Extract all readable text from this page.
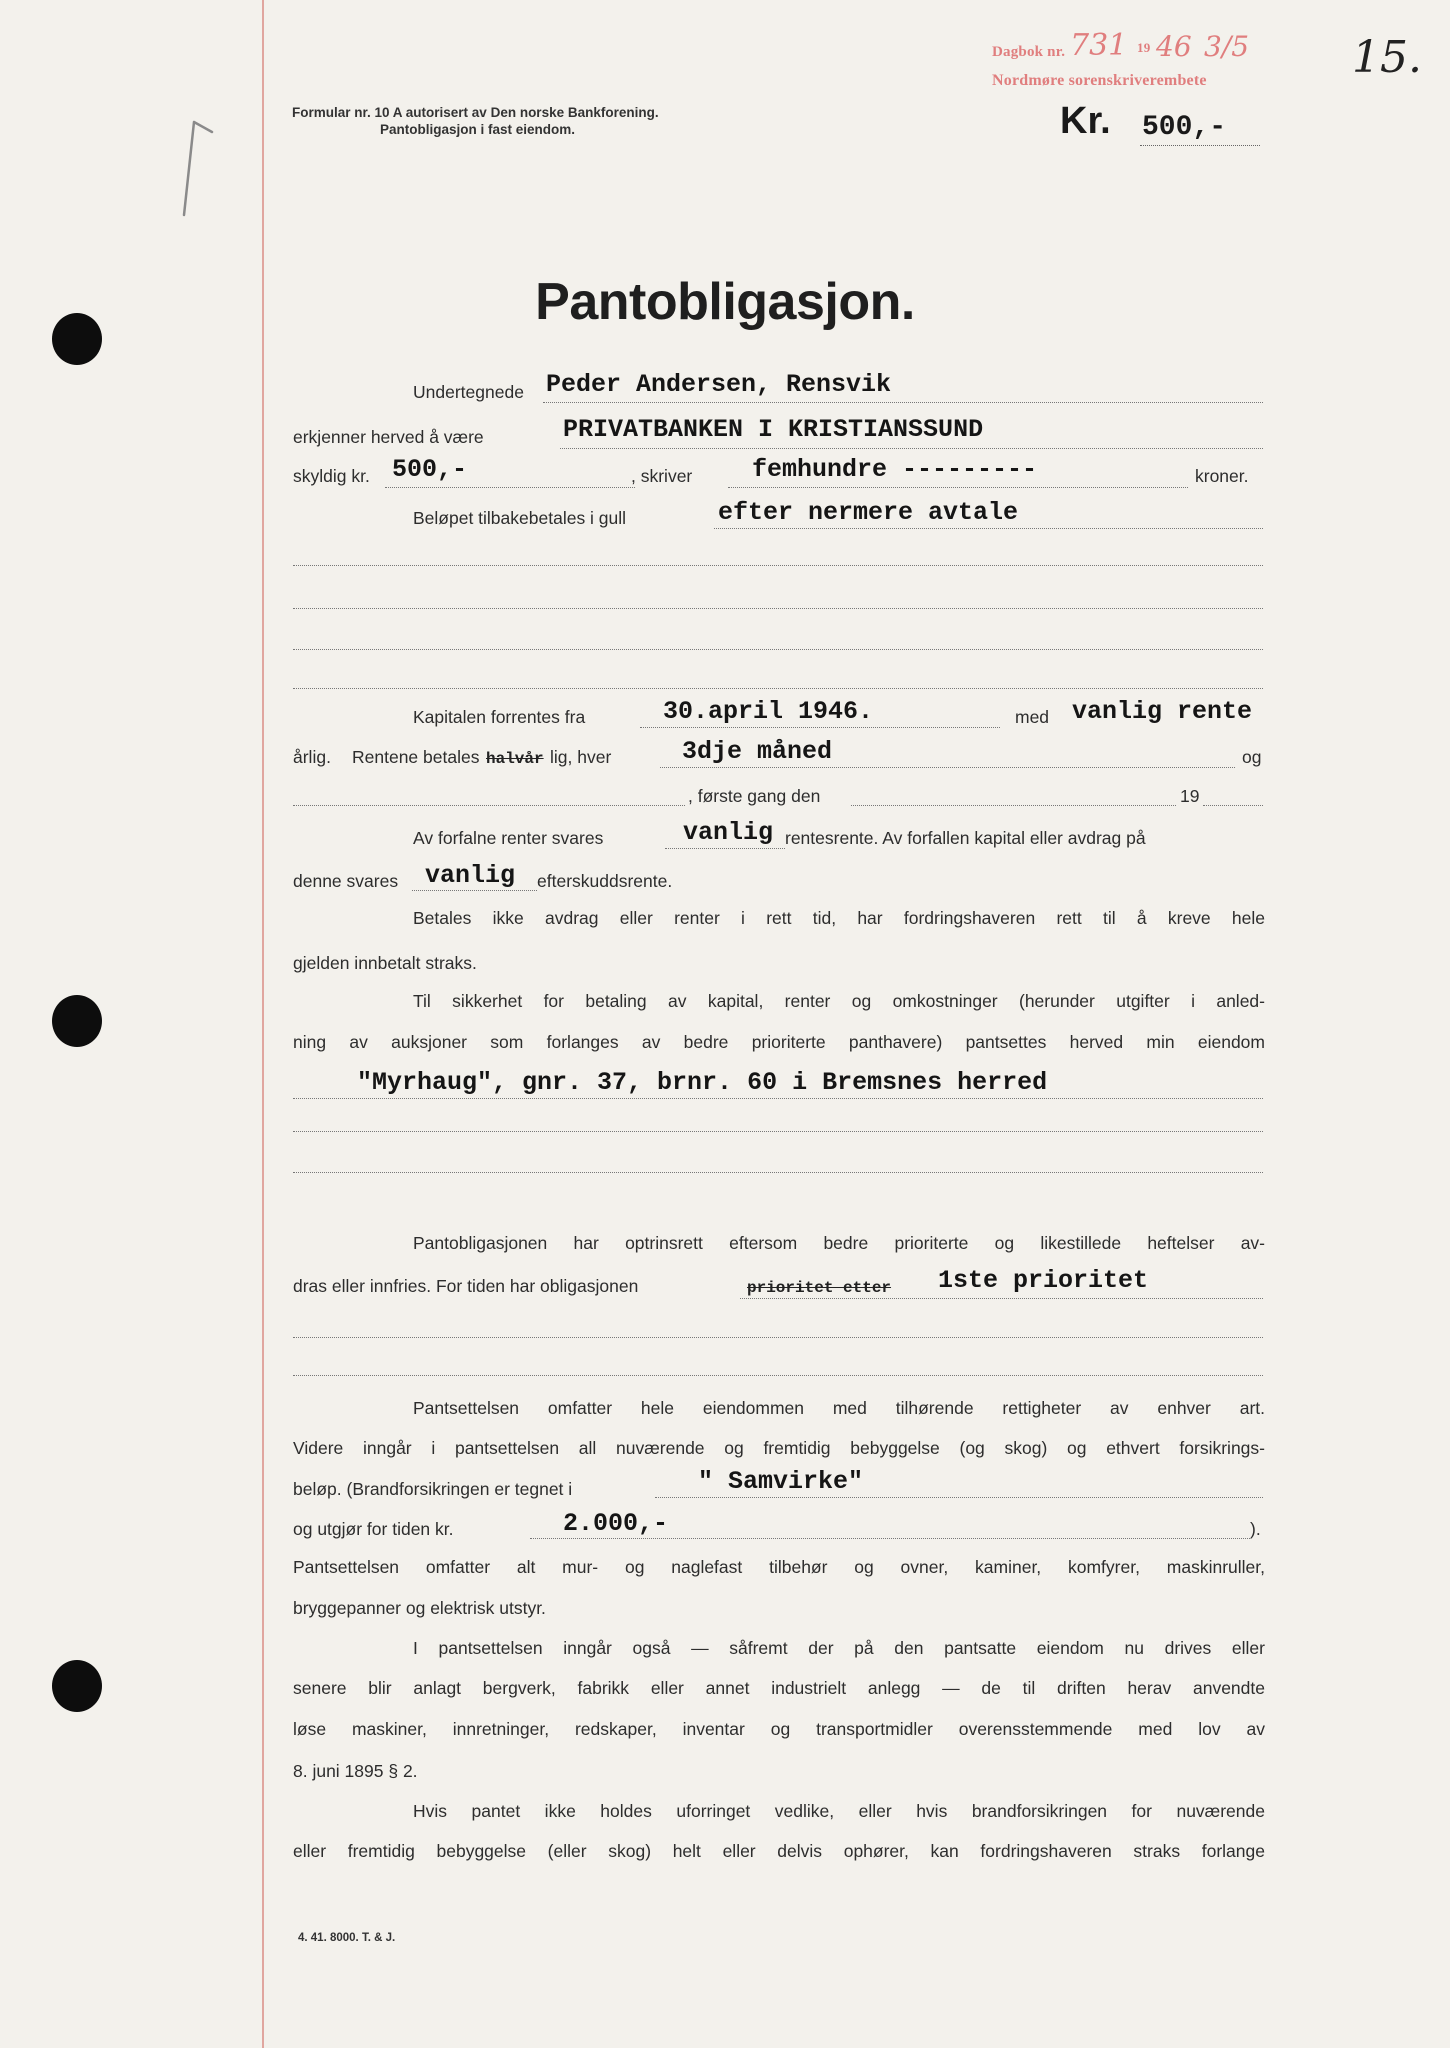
Dagbok nr. 731 19 46 3/5
Nordmøre sorenskriverembete	15.
Formular nr. 10 A autorisert av Den norske Bankforening.
Pantobligasjon i fast eiendom.	Kr. 500,-
Pantobligasjon.
Undertegnede Peder Andersen, Rensvik
erkjenner herved å være	PRIVATBANKEN I KRISTIANSSUND
skyldig kr. 500,-	, skriver femhundre ---------	kroner.
Beløpet tilbakebetales i gull	efter nermere avtale
Kapitalen forrentes fra	30.april 1946.	med vanlig rente
årlig. Rentene betales halvår lig, hver	3dje måned	og
, første gang den	19
Av forfalne renter svares	vanlig rentesrente. Av forfallen kapital eller avdrag på
denne svares vanlig efterskuddsrente.
Betales ikke avdrag eller renter i rett tid, har fordringshaveren rett til å kreve hele
gjelden innbetalt straks.
Til sikkerhet for betaling av kapital, renter og omkostninger (herunder utgifter i anled-
ning av auksjoner som forlanges av bedre prioriterte panthavere) pantsettes herved min eiendom
"Myrhaug", gnr. 37, brnr. 60 i Bremsnes herred
Pantobligasjonen har optrinsrett eftersom bedre prioriterte og likestillede heftelser av-
dras eller innfries. For tiden har obligasjonen	prioritet etter 1ste prioritet
Pantsettelsen omfatter hele eiendommen med tilhørende rettigheter av enhver art.
Videre inngår i pantsettelsen all nuværende og fremtidig bebyggelse (og skog) og ethvert forsikrings-
beløp. (Brandforsikringen er tegnet i	" Samvirke"
og utgjør for tiden kr.	2.000,-	).
Pantsettelsen omfatter alt mur- og naglefast tilbehør og ovner, kaminer, komfyrer, maskinruller,
bryggepanner og elektrisk utstyr.
I pantsettelsen inngår også — såfremt der på den pantsatte eiendom nu drives eller
senere blir anlagt bergverk, fabrikk eller annet industrielt anlegg — de til driften herav anvendte
løse maskiner, innretninger, redskaper, inventar og transportmidler overensstemmende med lov av
8. juni 1895 § 2.
Hvis pantet ikke holdes uforringet vedlike, eller hvis brandforsikringen for nuværende
eller fremtidig bebyggelse (eller skog) helt eller delvis ophører, kan fordringshaveren straks forlange
4. 41. 8000. T. & J.
